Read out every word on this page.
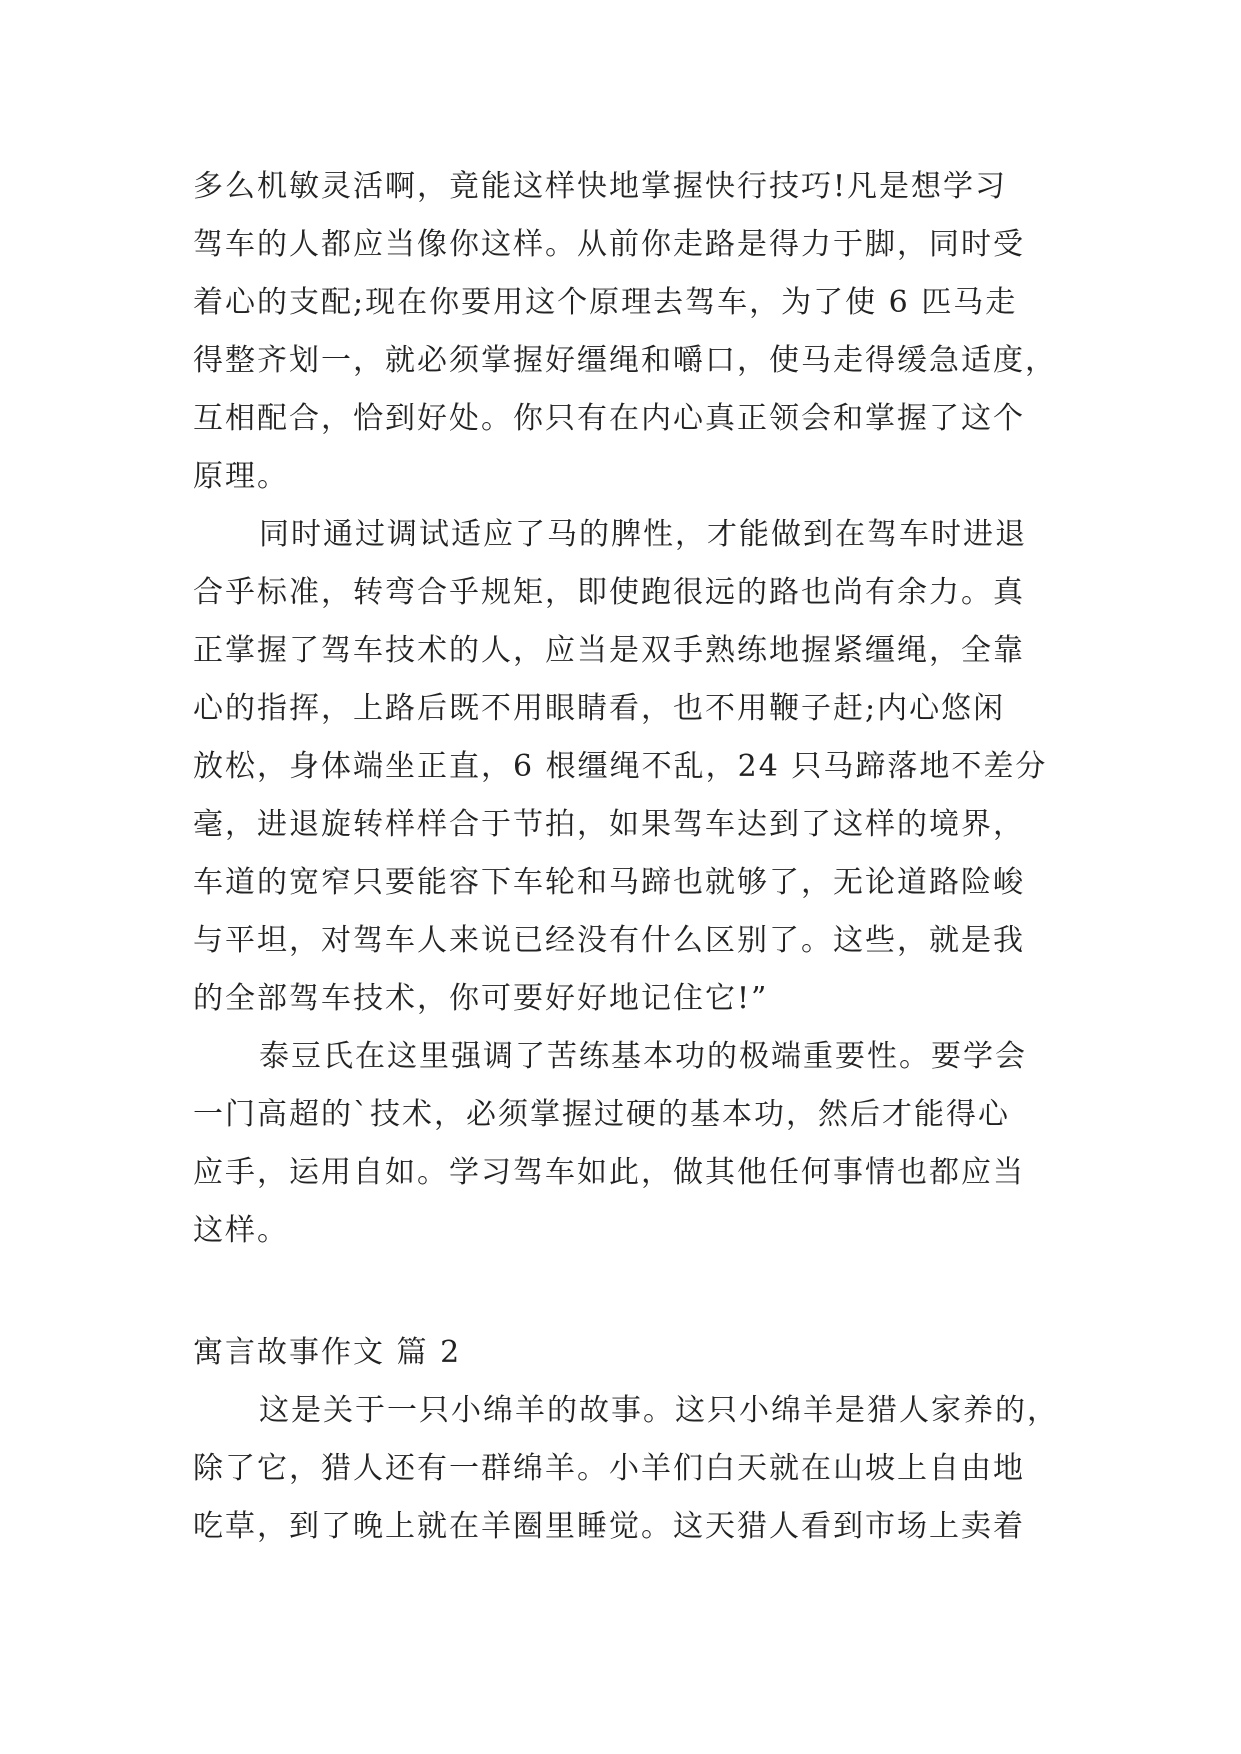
多么机敏灵活啊，竟能这样快地掌握快行技巧!凡是想学习
驾车的人都应当像你这样。从前你走路是得力于脚，同时受
着心的支配;现在你要用这个原理去驾车，为了使 6 匹马走
得整齐划一，就必须掌握好缰绳和嚼口，使马走得缓急适度，
互相配合，恰到好处。你只有在内心真正领会和掌握了这个
原理。
同时通过调试适应了马的脾性，才能做到在驾车时进退
合乎标准，转弯合乎规矩，即使跑很远的路也尚有余力。真
正掌握了驾车技术的人，应当是双手熟练地握紧缰绳，全靠
心的指挥，上路后既不用眼睛看，也不用鞭子赶;内心悠闲
放松，身体端坐正直，6 根缰绳不乱，24 只马蹄落地不差分
毫，进退旋转样样合于节拍，如果驾车达到了这样的境界，
车道的宽窄只要能容下车轮和马蹄也就够了，无论道路险峻
与平坦，对驾车人来说已经没有什么区别了。这些，就是我
的全部驾车技术，你可要好好地记住它!”
泰豆氏在这里强调了苦练基本功的极端重要性。要学会
一门高超的`技术，必须掌握过硬的基本功，然后才能得心
应手，运用自如。学习驾车如此，做其他任何事情也都应当
这样。
寓言故事作文 篇 2
这是关于一只小绵羊的故事。这只小绵羊是猎人家养的，
除了它，猎人还有一群绵羊。小羊们白天就在山坡上自由地
吃草，到了晚上就在羊圈里睡觉。这天猎人看到市场上卖着
